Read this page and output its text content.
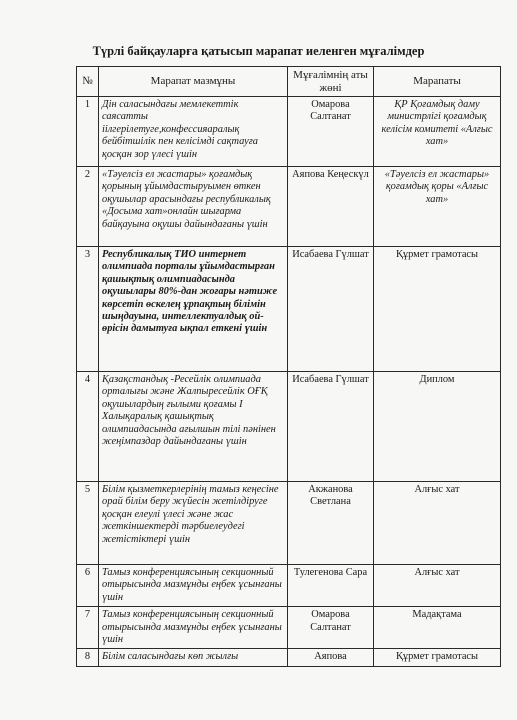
Түрлі байқауларға қатысып марапат иеленген мұғалімдер
№	Марапат мазмұны	Мұғалімнің аты жөні	Марапаты
1	Дін саласындағы мемлекеттік саясатты іілгерілетуге,конфессияаралық бейбітшілік пен келісімді сақтауға қосқан зор үлесі үшін	Омарова Салтанат	ҚР Қоғамдық даму министрлігі қоғамдық келісім комитеті «Алғыс хат»
2	«Тәуелсіз ел жастары» қоғамдық қорының ұйымдастыруымен өткен оқушылар арасындағы республикалық «Досыма хат»онлайн шығарма байқауына оқушы дайындағаны үшін	Аяпова Кеңескүл	«Тәуелсіз ел жастары» қоғамдық қоры «Алғыс хат»
3	Республикалық ТИО интернет олимпиада порталы ұйымдастырған қашықтық олимпиадасында оқушылары 80%-дан жоғары нәтиже көрсетіп өскелең ұрпақтың білімін шыңдауына, интеллектуалдық ой-өрісін дамытуға ықпал еткені үшін	Исабаева Гүлшат	Құрмет грамотасы
4	Қазақстандық -Ресейлік олимпиада орталығы және Жалпыресейлік ОҒҚ оқушылардың ғылыми қоғамы І Халықаралық қашықтық олимпиадасында ағылшын тілі пәнінен жеңімпаздар дайындағаны үшін	Исабаева Гүлшат	Диплом
5	Білім қызметкерлерінің тамыз кеңесіне орай білім беру жүйесін жетілдіруге қосқан елеулі үлесі және жас жеткіншектерді тәрбиелеудегі жетістіктері үшін	Акжанова Светлана	Алғыс хат
6	Тамыз конференциясының секционный отырысында мазмұнды еңбек ұсынғаны үшін	Тулегенова Сара	Алғыс хат
7	Тамыз конференциясының секционный отырысында мазмұнды еңбек ұсынғаны үшін	Омарова Салтанат	Мадақтама
8	Білім саласындағы көп жылғы	Аяпова	Құрмет грамотасы
